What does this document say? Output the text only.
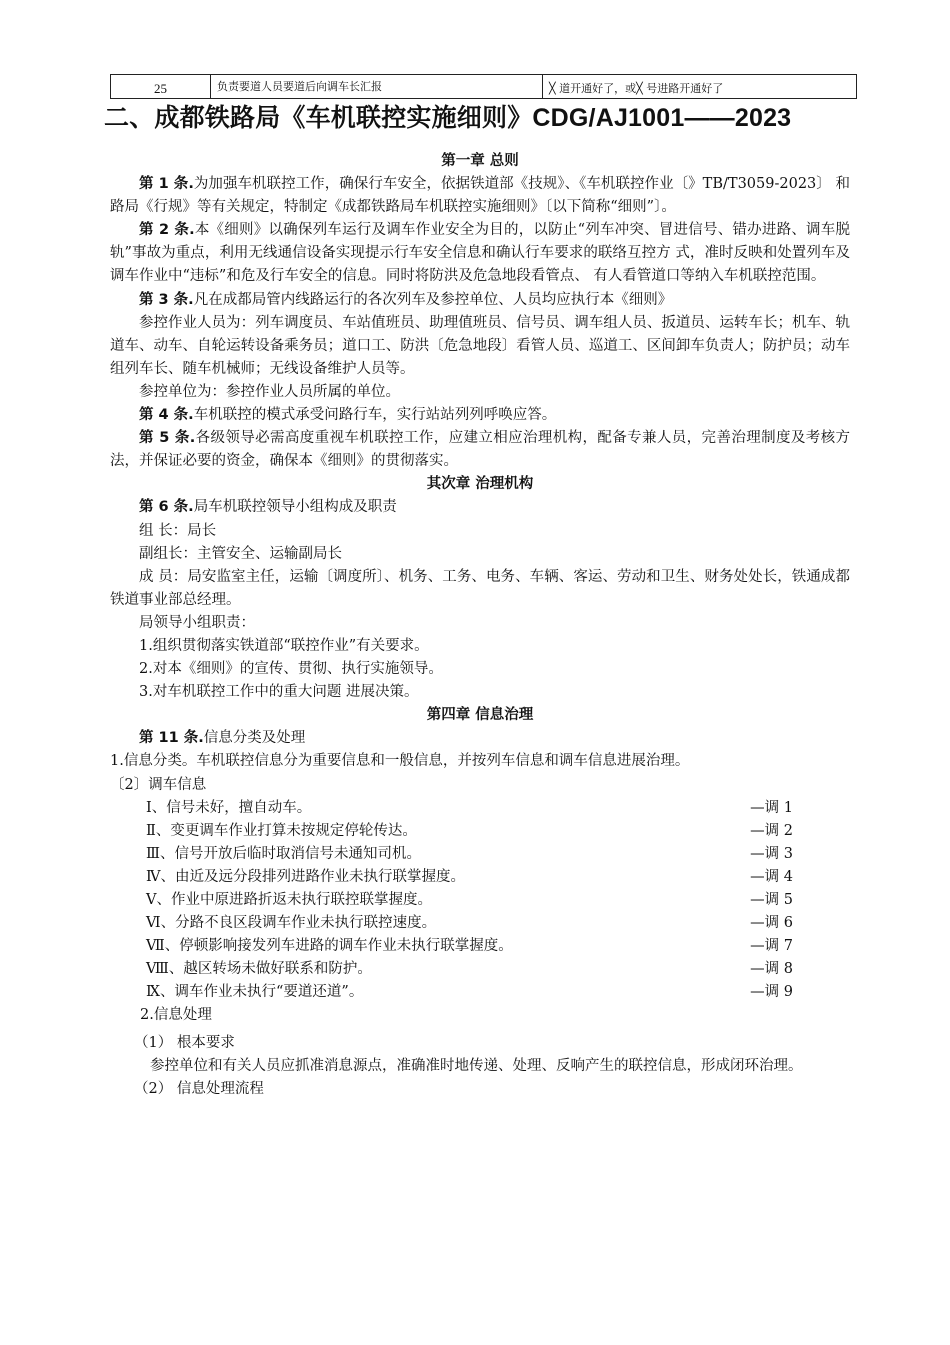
25	负责要道人员要道后向调车长汇报	╳ 道开通好了，或╳ 号进路开通好了
二、成都铁路局《车机联控实施细则》CDG/AJ1001——2023
第一章 总则

第 1 条.为加强车机联控工作，确保行车安全，依据铁道部《技规》、《车机联控作业〔》TB/T3059-2023〕 和路局《行规》等有关规定，特制定《成都铁路局车机联控实施细则》〔以下简称“细则”〕。

第 2 条.本《细则》以确保列车运行及调车作业安全为目的，以防止“列车冲突、冒进信号、错办进路、调车脱轨”事故为重点，利用无线通信设备实现提示行车安全信息和确认行车要求的联络互控方 式，准时反映和处置列车及调车作业中“违标”和危及行车安全的信息。同时将防洪及危急地段看管点、 有人看管道口等纳入车机联控范围。

第 3 条.凡在成都局管内线路运行的各次列车及参控单位、人员均应执行本《细则》

参控作业人员为：列车调度员、车站值班员、助理值班员、信号员、调车组人员、扳道员、运转车长；机车、轨道车、动车、自轮运转设备乘务员；道口工、防洪〔危急地段〕看管人员、巡道工、区间卸车负责人；防护员；动车组列车长、随车机械师；无线设备维护人员等。

参控单位为：参控作业人员所属的单位。

第 4 条.车机联控的模式承受问路行车，实行站站列列呼唤应答。

第 5 条.各级领导必需高度重视车机联控工作，应建立相应治理机构，配备专兼人员，完善治理制度及考核方法，并保证必要的资金，确保本《细则》的贯彻落实。

其次章 治理机构

第 6 条.局车机联控领导小组构成及职责

组 长：局长

副组长：主管安全、运输副局长

成 员：局安监室主任，运输〔调度所〕、机务、工务、电务、车辆、客运、劳动和卫生、财务处处长，铁通成都铁道事业部总经理。

局领导小组职责：

1.组织贯彻落实铁道部“联控作业”有关要求。

2.对本《细则》的宣传、贯彻、执行实施领导。

3.对车机联控工作中的重大问题 进展决策。

第四章 信息治理

第 11 条.信息分类及处理

1.信息分类。车机联控信息分为重要信息和一般信息，并按列车信息和调车信息进展治理。

〔2〕调车信息

Ⅰ、信号未好，擅自动车。	—调 1
Ⅱ、变更调车作业打算未按规定停轮传达。	—调 2
Ⅲ、信号开放后临时取消信号未通知司机。	—调 3
Ⅳ、由近及远分段排列进路作业未执行联掌握度。	—调 4
Ⅴ、作业中原进路折返未执行联控联掌握度。	—调 5
Ⅵ、分路不良区段调车作业未执行联控速度。	—调 6
Ⅶ、停顿影响接发列车进路的调车作业未执行联掌握度。	—调 7
Ⅷ、越区转场未做好联系和防护。	—调 8
Ⅸ、调车作业未执行“要道还道”。	—调 9

2.信息处理

（1） 根本要求

参控单位和有关人员应抓准消息源点，准确准时地传递、处理、反响产生的联控信息，形成闭环治理。

（2） 信息处理流程
